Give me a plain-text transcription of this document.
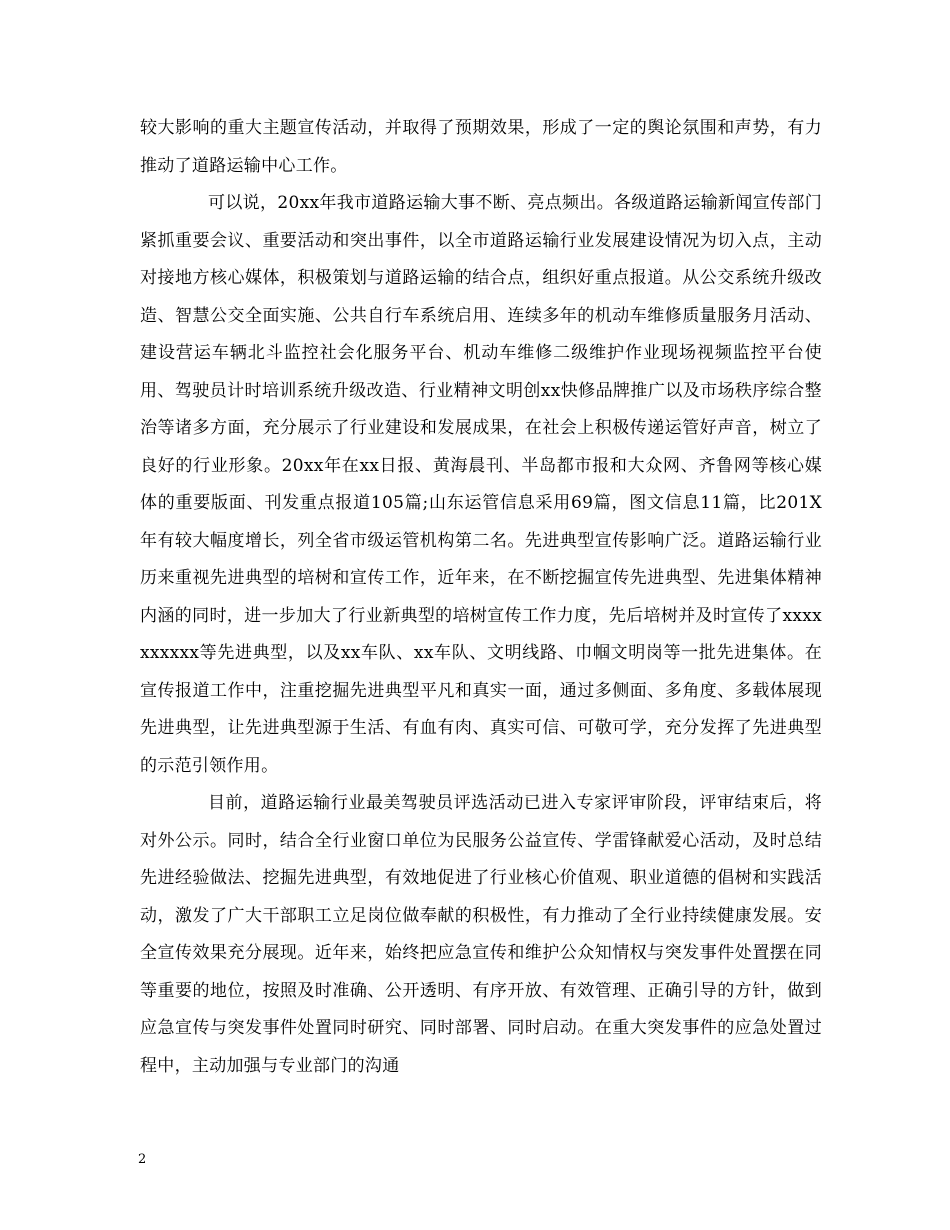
较大影响的重大主题宣传活动，并取得了预期效果，形成了一定的舆论氛围和声势，有力推动了道路运输中心工作。

可以说，20xx年我市道路运输大事不断、亮点频出。各级道路运输新闻宣传部门紧抓重要会议、重要活动和突出事件，以全市道路运输行业发展建设情况为切入点，主动对接地方核心媒体，积极策划与道路运输的结合点，组织好重点报道。从公交系统升级改造、智慧公交全面实施、公共自行车系统启用、连续多年的机动车维修质量服务月活动、建设营运车辆北斗监控社会化服务平台、机动车维修二级维护作业现场视频监控平台使用、驾驶员计时培训系统升级改造、行业精神文明创xx快修品牌推广以及市场秩序综合整治等诸多方面，充分展示了行业建设和发展成果，在社会上积极传递运管好声音，树立了良好的行业形象。20xx年在xx日报、黄海晨刊、半岛都市报和大众网、齐鲁网等核心媒体的重要版面、刊发重点报道105篇;山东运管信息采用69篇，图文信息11篇，比201X年有较大幅度增长，列全省市级运管机构第二名。先进典型宣传影响广泛。道路运输行业历来重视先进典型的培树和宣传工作，近年来，在不断挖掘宣传先进典型、先进集体精神内涵的同时，进一步加大了行业新典型的培树宣传工作力度，先后培树并及时宣传了xxxxxxxxxx等先进典型，以及xx车队、xx车队、文明线路、巾帼文明岗等一批先进集体。在宣传报道工作中，注重挖掘先进典型平凡和真实一面，通过多侧面、多角度、多载体展现先进典型，让先进典型源于生活、有血有肉、真实可信、可敬可学，充分发挥了先进典型的示范引领作用。

目前，道路运输行业最美驾驶员评选活动已进入专家评审阶段，评审结束后，将对外公示。同时，结合全行业窗口单位为民服务公益宣传、学雷锋献爱心活动，及时总结先进经验做法、挖掘先进典型，有效地促进了行业核心价值观、职业道德的倡树和实践活动，激发了广大干部职工立足岗位做奉献的积极性，有力推动了全行业持续健康发展。安全宣传效果充分展现。近年来，始终把应急宣传和维护公众知情权与突发事件处置摆在同等重要的地位，按照及时准确、公开透明、有序开放、有效管理、正确引导的方针，做到应急宣传与突发事件处置同时研究、同时部署、同时启动。在重大突发事件的应急处置过程中，主动加强与专业部门的沟通

2
